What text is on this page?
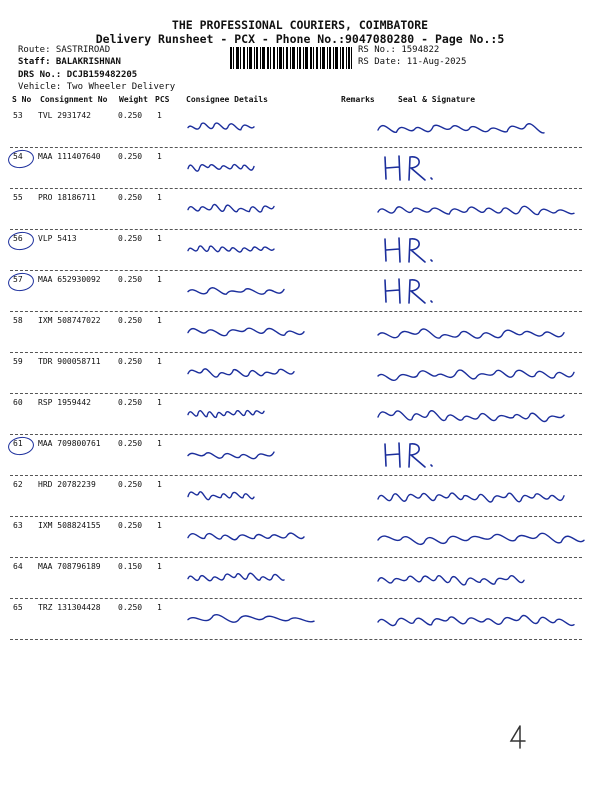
THE PROFESSIONAL COURIERS, COIMBATORE
Delivery Runsheet - PCX - Phone No.:9047080280 - Page No.:5
Route: SASTRIROAD
Staff: BALAKRISHNAN
DRS No.: DCJB159482205
Vehicle: Two Wheeler Delivery
RS No.: 1594822
RS Date: 11-Aug-2025
S No Consignment No Weight PCS Consignee Details	Remarks	Seal & Signature
53 TVL 2931742	0.250 1
54 MAA 111407640 0.250 1
55 PRO 18186711	0.250 1
56 VLP 5413	0.250 1
57 MAA 652930092 0.250 1
58 IXM 508747022 0.250 1
59 TDR 900058711 0.250 1
60 RSP 1959442	0.250 1
61 MAA 709800761 0.250 1
62 HRD 20782239	0.250 1
63 IXM 508824155 0.250 1
64 MAA 708796189 0.150 1
65 TRZ 131304428 0.250 1
